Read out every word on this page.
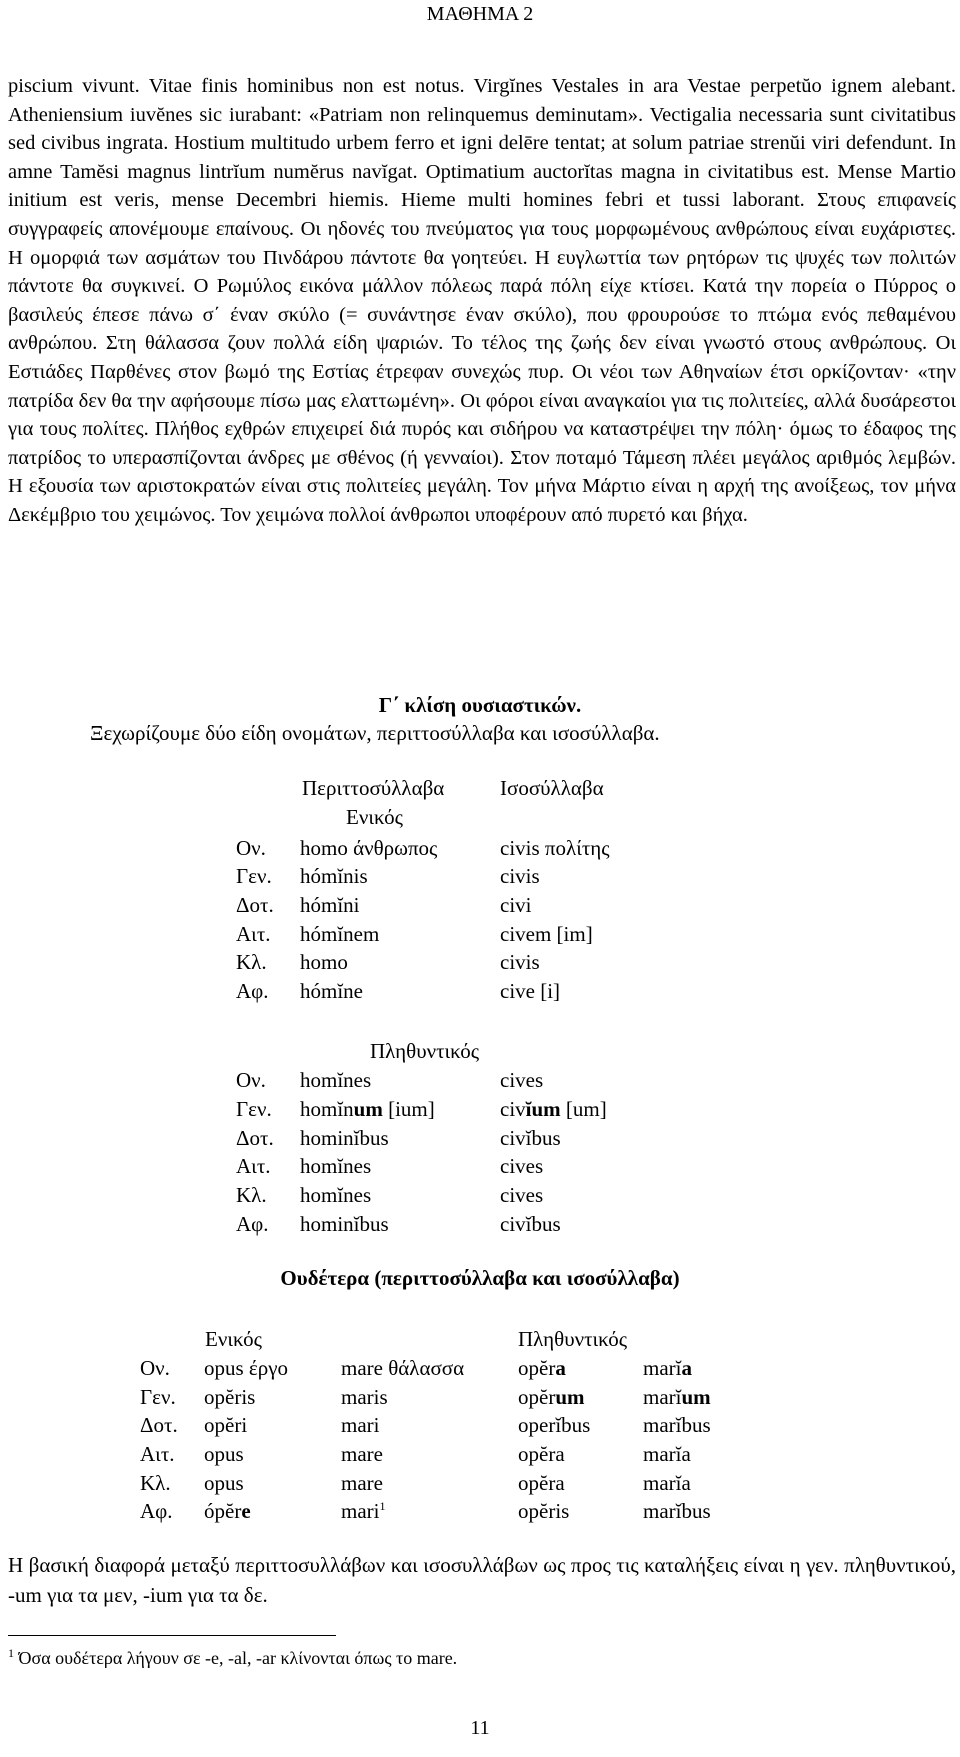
ΜΑΘΗΜΑ 2

piscium vivunt. Vitae finis hominibus non est notus. Virgĭnes Vestales in ara Vestae perpetŭo ignem alebant. Atheniensium iuvĕnes sic iurabant: «Patriam non relinquemus deminutam». Vectigalia necessaria sunt civitatibus sed civibus ingrata. Hostium multitudo urbem ferro et igni delēre tentat; at solum patriae strenŭi viri defendunt. In amne Tamĕsi magnus lintrĭum numĕrus navĭgat. Optimatium auctorĭtas magna in civitatibus est. Mense Martio initium est veris, mense Decembri hiemis. Hieme multi homines febri et tussi laborant. Στους επιφανείς συγγραφείς απονέμουμε επαίνους. Οι ηδονές του πνεύματος για τους μορφωμένους ανθρώπους είναι ευχάριστες. Η ομορφιά των ασμάτων του Πινδάρου πάντοτε θα γοητεύει. Η ευγλωττία των ρητόρων τις ψυχές των πολιτών πάντοτε θα συγκινεί. Ο Ρωμύλος εικόνα μάλλον πόλεως παρά πόλη είχε κτίσει. Κατά την πορεία ο Πύρρος ο βασιλεύς έπεσε πάνω σ΄ έναν σκύλο (= συνάντησε έναν σκύλο), που φρουρούσε το πτώμα ενός πεθαμένου ανθρώπου. Στη θάλασσα ζουν πολλά είδη ψαριών. Το τέλος της ζωής δεν είναι γνωστό στους ανθρώπους. Οι Εστιάδες Παρθένες στον βωμό της Εστίας έτρεφαν συνεχώς πυρ. Οι νέοι των Αθηναίων έτσι ορκίζονταν· «την πατρίδα δεν θα την αφήσουμε πίσω μας ελαττωμένη». Οι φόροι είναι αναγκαίοι για τις πολιτείες, αλλά δυσάρεστοι για τους πολίτες. Πλήθος εχθρών επιχειρεί διά πυρός και σιδήρου να καταστρέψει την πόλη· όμως το έδαφος της πατρίδος το υπερασπίζονται άνδρες με σθένος (ή γενναίοι). Στον ποταμό Τάμεση πλέει μεγάλος αριθμός λεμβών. Η εξουσία των αριστοκρατών είναι στις πολιτείες μεγάλη. Τον μήνα Μάρτιο είναι η αρχή της ανοίξεως, τον μήνα Δεκέμβριο του χειμώνος. Τον χειμώνα πολλοί άνθρωποι υποφέρουν από πυρετό και βήχα.

Γ΄ κλίση ουσιαστικών.
Ξεχωρίζουμε δύο είδη ονομάτων, περιττοσύλλαβα και ισοσύλλαβα.
Περιττοσύλλαβα	Ισοσύλλαβα
Ενικός
Ον. homo άνθρωπος	civis πολίτης
Γεν. hómĭnis	civis
Δοτ. hómĭni	civi
Αιτ. hómĭnem	civem [im]
Κλ. homo	civis
Αφ. hómĭne	cive [i]
Πληθυντικός
Ον. homĭnes	cives
Γεν. homĭnum [ium]	civĭum [um]
Δοτ. hominĭbus	civĭbus
Αιτ. homĭnes	cives
Κλ. homĭnes	cives
Αφ. hominĭbus	civĭbus
Ουδέτερα (περιττοσύλλαβα και ισοσύλλαβα)
Ενικός	Πληθυντικός
Ον. opus έργο	mare θάλασσα	opĕra	marĭa
Γεν. opĕris	maris	opĕrum	marĭum
Δοτ. opĕri	mari	operĭbus	marĭbus
Αιτ. opus	mare	opĕra	marĭa
Κλ. opus	mare	opĕra	marĭa
Αφ. ópĕre	mari$^1$	opĕris	marĭbus

Η βασική διαφορά μεταξύ περιττοσυλλάβων και ισοσυλλάβων ως προς τις καταλήξεις είναι η γεν. πληθυντικού, -um για τα μεν, -ium για τα δε.

$^1$ Όσα ουδέτερα λήγουν σε -e, -al, -ar κλίνονται όπως το mare.
11
